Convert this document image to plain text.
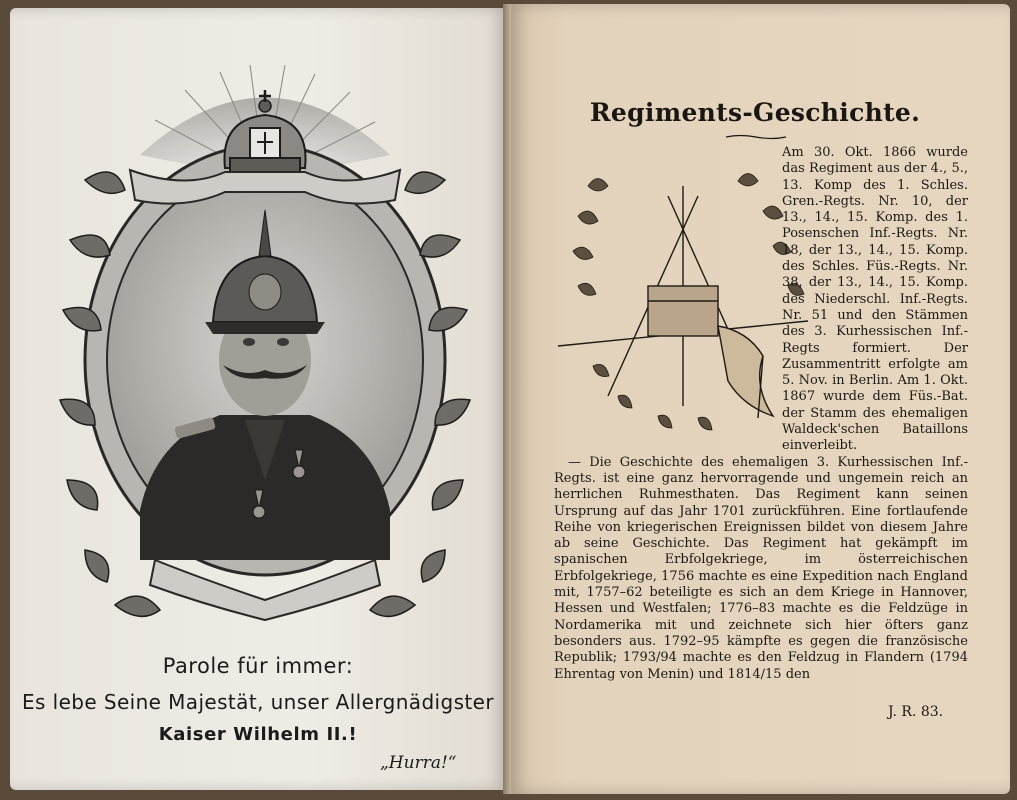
Parole für immer:
Es lebe Seine Majestät, unser Allergnädigster
Kaiser Wilhelm II.!
„Hurra!“
Regiments-Geschichte.

Am 30. Okt. 1866 wurde das Regiment aus der 4., 5., 13. Komp des 1. Schles. Gren.-Regts. Nr. 10, der 13., 14., 15. Komp. des 1. Posenschen Inf.-Regts. Nr. 18, der 13., 14., 15. Komp. des Schles. Füs.-Regts. Nr. 38, der 13., 14., 15. Komp. des Niederschl. Inf.-Regts. Nr. 51 und den Stämmen des 3. Kurhessischen Inf.-Regts formiert. Der Zusammentritt erfolgte am 5. Nov. in Berlin. Am 1. Okt. 1867 wurde dem Füs.-Bat. der Stamm des ehemaligen Waldeck'schen Bataillons einverleibt.

— Die Geschichte des ehemaligen 3. Kurhessischen Inf.-Regts. ist eine ganz hervorragende und ungemein reich an herrlichen Ruhmesthaten. Das Regiment kann seinen Ursprung auf das Jahr 1701 zurückführen. Eine fortlaufende Reihe von kriegerischen Ereignissen bildet von diesem Jahre ab seine Geschichte. Das Regiment hat gekämpft im spanischen Erbfolgekriege, im österreichischen Erbfolgekriege, 1756 machte es eine Expedition nach England mit, 1757–62 beteiligte es sich an dem Kriege in Hannover, Hessen und Westfalen; 1776–83 machte es die Feldzüge in Nordamerika mit und zeichnete sich hier öfters ganz besonders aus. 1792–95 kämpfte es gegen die französische Republik; 1793/94 machte es den Feldzug in Flandern (1794 Ehrentag von Menin) und 1814/15 den

J. R. 83.
